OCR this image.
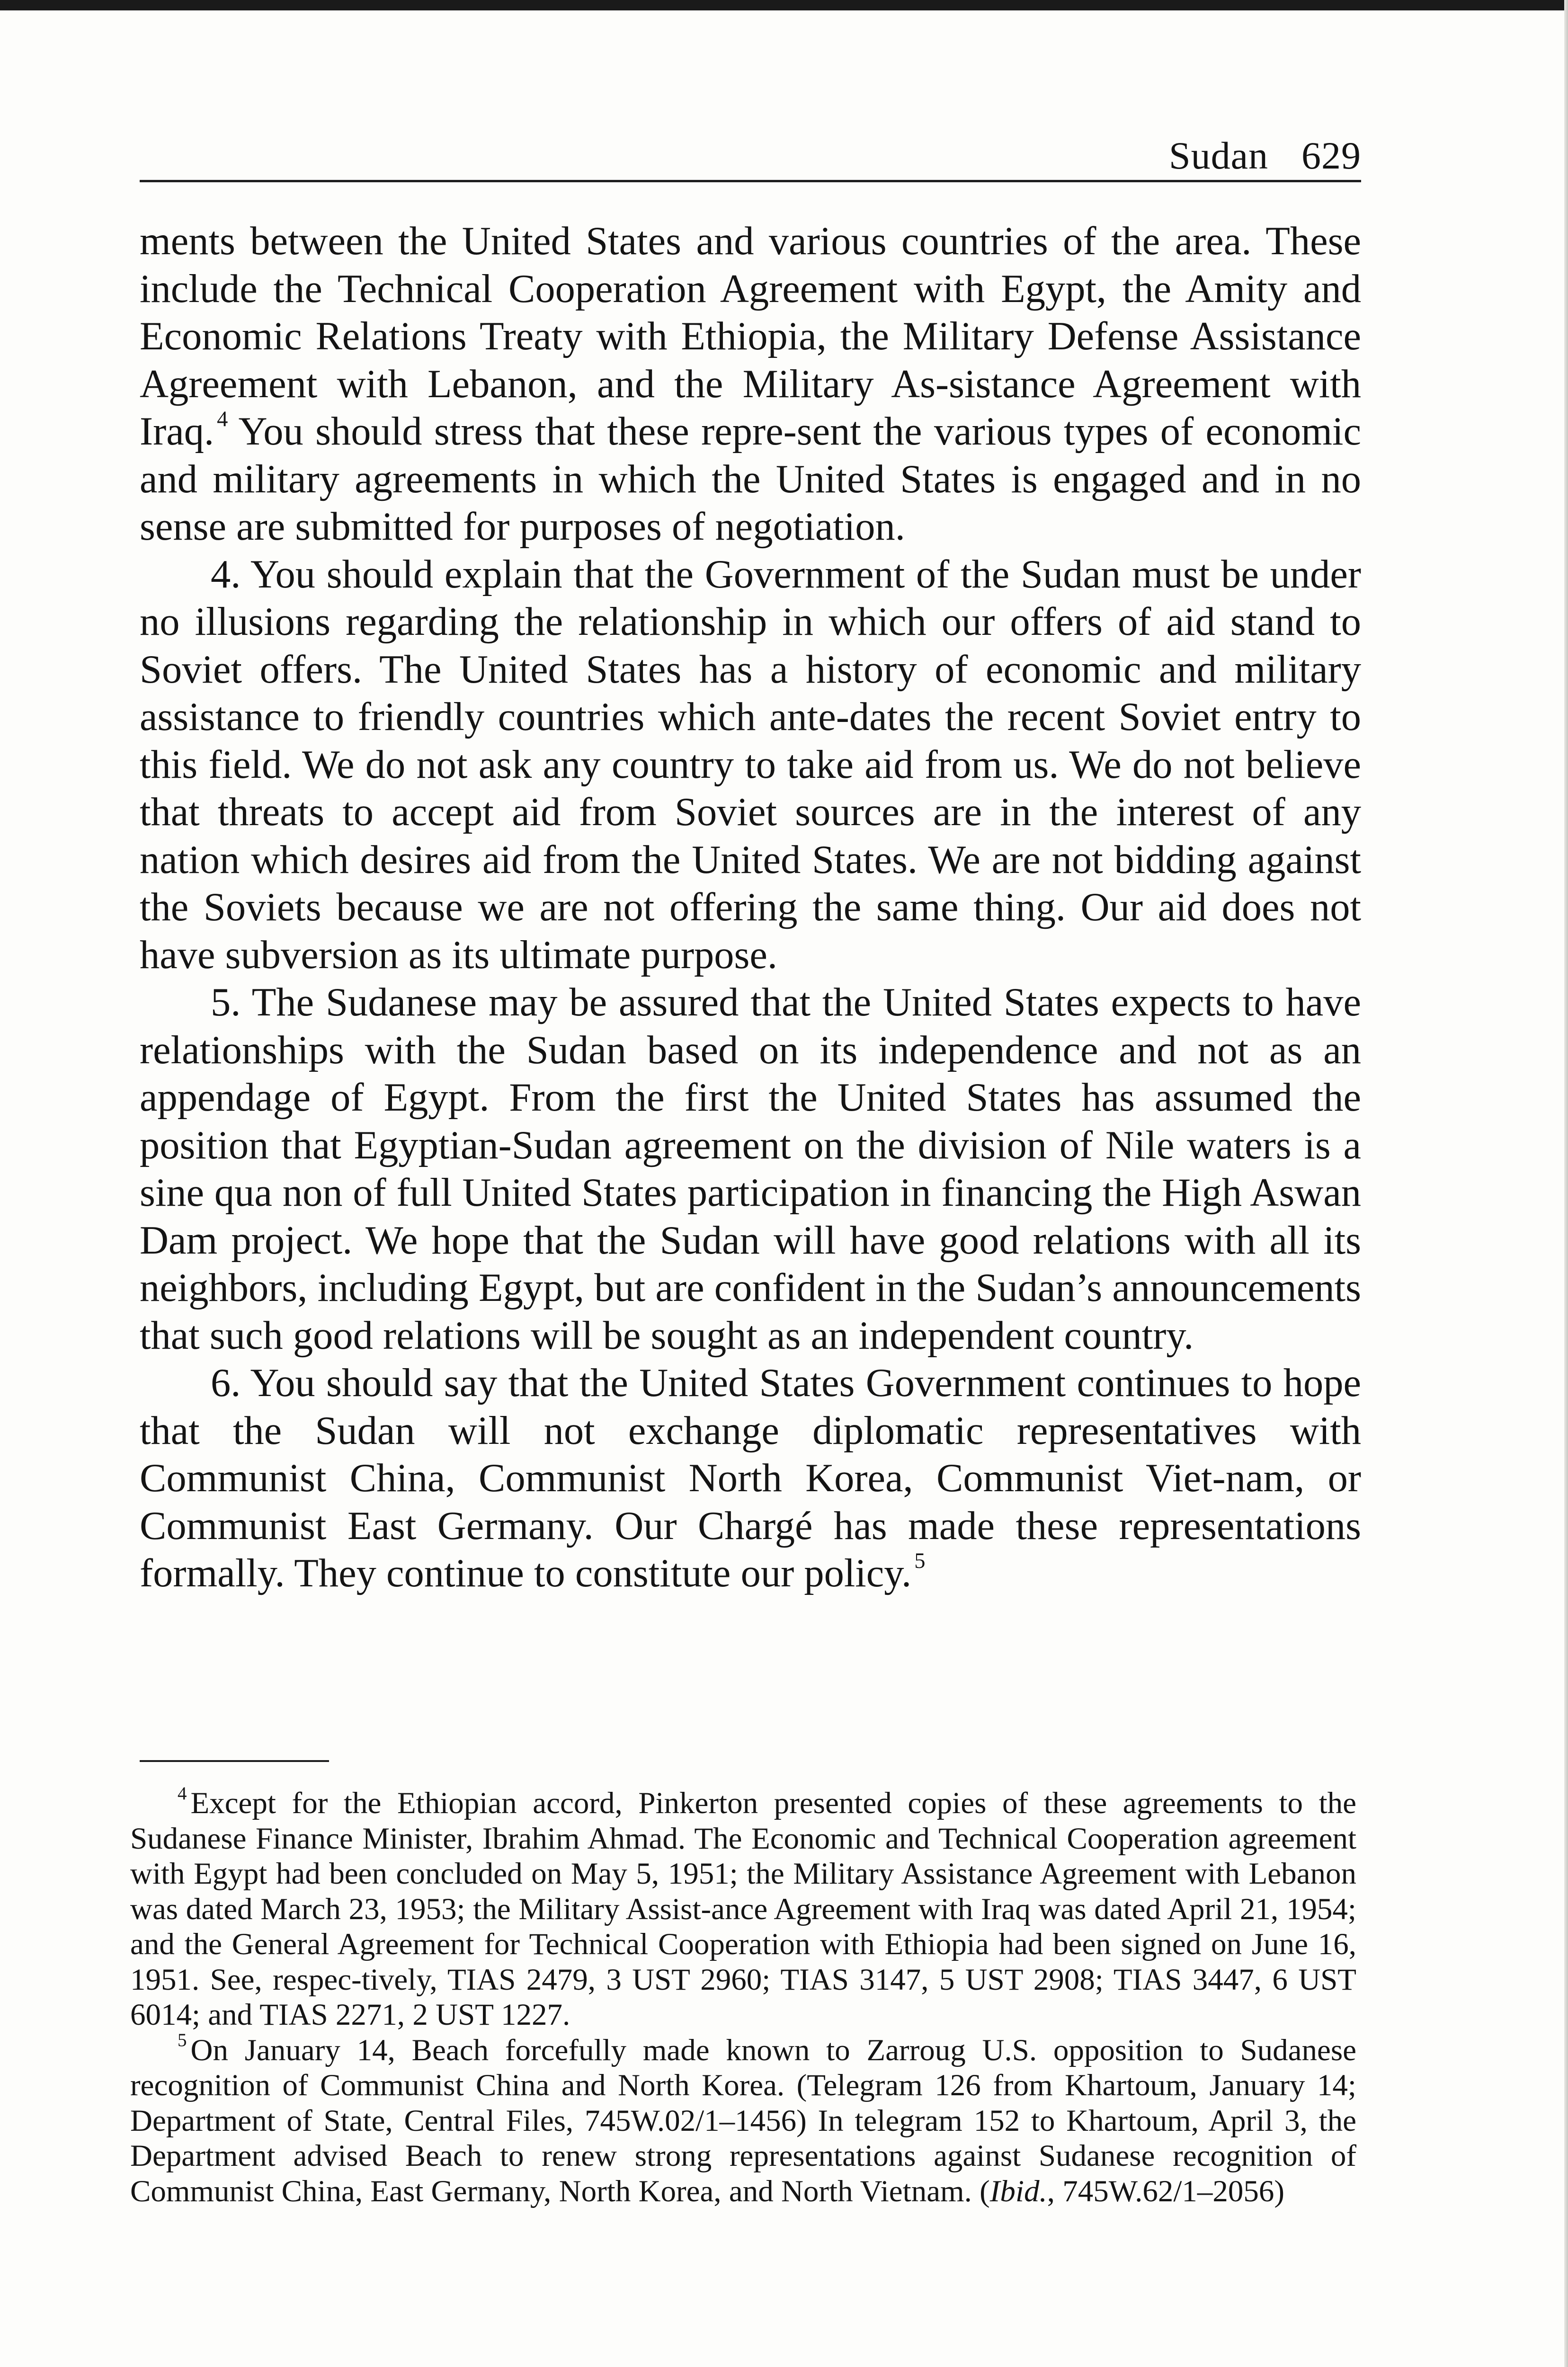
Sudan 629

ments between the United States and various countries of the area. These include the Technical Cooperation Agreement with Egypt, the Amity and Economic Relations Treaty with Ethiopia, the Military Defense Assistance Agreement with Lebanon, and the Military As-sistance Agreement with Iraq. $^4$ You should stress that these repre-sent the various types of economic and military agreements in which the United States is engaged and in no sense are submitted for purposes of negotiation.

4. You should explain that the Government of the Sudan must be under no illusions regarding the relationship in which our offers of aid stand to Soviet offers. The United States has a history of economic and military assistance to friendly countries which ante-dates the recent Soviet entry to this field. We do not ask any country to take aid from us. We do not believe that threats to accept aid from Soviet sources are in the interest of any nation which desires aid from the United States. We are not bidding against the Soviets because we are not offering the same thing. Our aid does not have subversion as its ultimate purpose.

5. The Sudanese may be assured that the United States expects to have relationships with the Sudan based on its independence and not as an appendage of Egypt. From the first the United States has assumed the position that Egyptian-Sudan agreement on the division of Nile waters is a sine qua non of full United States participation in financing the High Aswan Dam project. We hope that the Sudan will have good relations with all its neighbors, including Egypt, but are confident in the Sudan’s announcements that such good relations will be sought as an independent country.

6. You should say that the United States Government continues to hope that the Sudan will not exchange diplomatic representatives with Communist China, Communist North Korea, Communist Viet-nam, or Communist East Germany. Our Chargé has made these representations formally. They continue to constitute our policy. $^5$

$^4$ Except for the Ethiopian accord, Pinkerton presented copies of these agreements to the Sudanese Finance Minister, Ibrahim Ahmad. The Economic and Technical Cooperation agreement with Egypt had been concluded on May 5, 1951; the Military Assistance Agreement with Lebanon was dated March 23, 1953; the Military Assist-ance Agreement with Iraq was dated April 21, 1954; and the General Agreement for Technical Cooperation with Ethiopia had been signed on June 16, 1951. See, respec-tively, TIAS 2479, 3 UST 2960; TIAS 3147, 5 UST 2908; TIAS 3447, 6 UST 6014; and TIAS 2271, 2 UST 1227.

$^5$ On January 14, Beach forcefully made known to Zarroug U.S. opposition to Sudanese recognition of Communist China and North Korea. (Telegram 126 from Khartoum, January 14; Department of State, Central Files, 745W.02/1–1456) In telegram 152 to Khartoum, April 3, the Department advised Beach to renew strong representations against Sudanese recognition of Communist China, East Germany, North Korea, and North Vietnam. (Ibid., 745W.62/1–2056)
